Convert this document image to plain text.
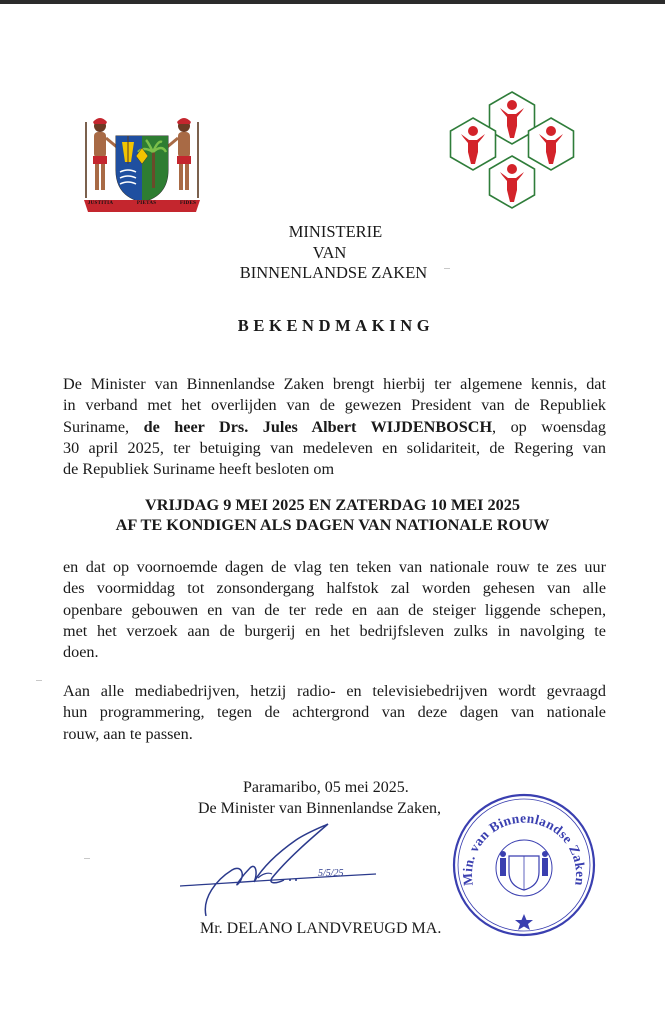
JUSTITIA	PIETAS	FIDES
MINISTERIE
VAN
BINNENLANDSE ZAKEN
BEKENDMAKING
De Minister van Binnenlandse Zaken brengt hierbij ter algemene kennis, dat
in verband met het overlijden van de gewezen President van de Republiek
Suriname, de heer Drs. Jules Albert WIJDENBOSCH, op woensdag
30 april 2025, ter betuiging van medeleven en solidariteit, de Regering van
de Republiek Suriname heeft besloten om
VRIJDAG 9 MEI 2025 EN ZATERDAG 10 MEI 2025
AF TE KONDIGEN ALS DAGEN VAN NATIONALE ROUW
en dat op voornoemde dagen de vlag ten teken van nationale rouw te zes uur
des voormiddag tot zonsondergang halfstok zal worden gehesen van alle
openbare gebouwen en van de ter rede en aan de steiger liggende schepen,
met het verzoek aan de burgerij en het bedrijfsleven zulks in navolging te
doen.
Aan alle mediabedrijven, hetzij radio- en televisiebedrijven wordt gevraagd
hun programmering, tegen de achtergrond van deze dagen van nationale
rouw, aan te passen.
Paramaribo, 05 mei 2025.
De Minister van Binnenlandse Zaken,
5/5/25
Mr. DELANO LANDVREUGD MA.
Min. van Binnenlandse Zaken
